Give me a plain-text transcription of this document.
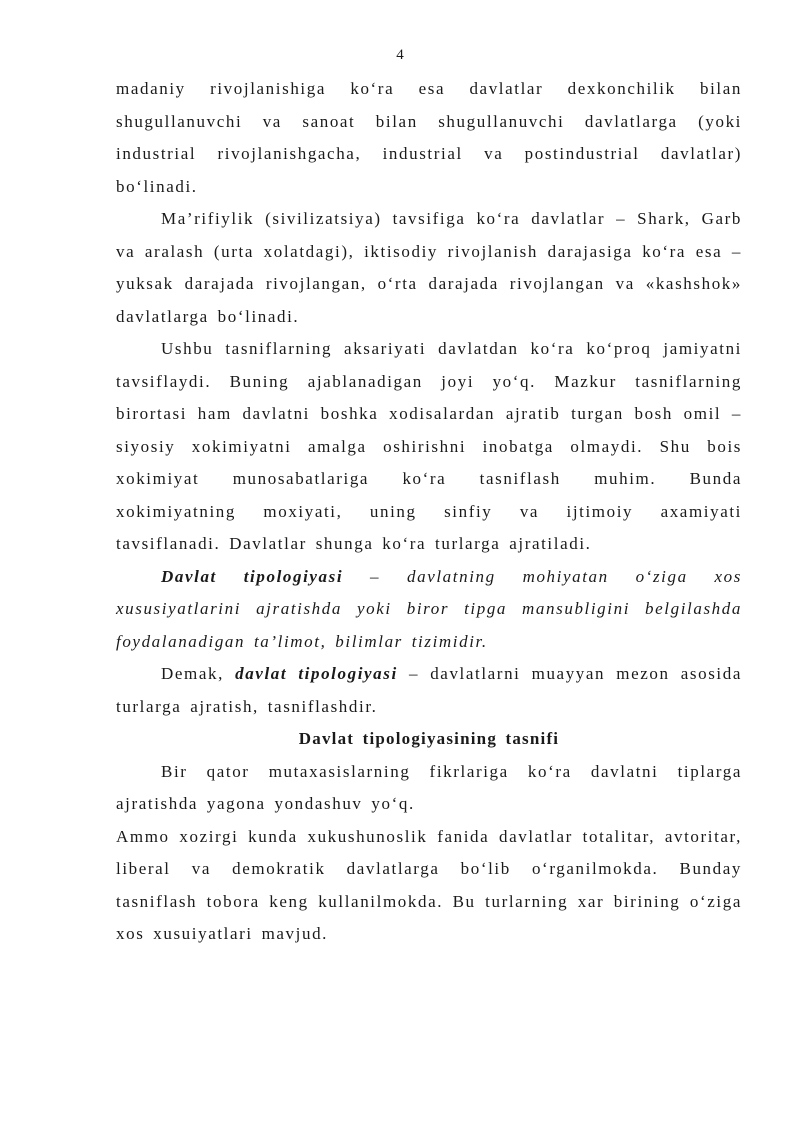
4

madaniy rivojlanishiga ko‘ra esa davlatlar dexkonchilik bilan shugullanuvchi va sanoat bilan shugullanuvchi davlatlarga (yoki industrial rivojlanishgacha, industrial va postindustrial davlatlar) bo‘linadi.

Ma’rifiylik (sivilizatsiya) tavsifiga ko‘ra davlatlar – Shark, Garb va aralash (urta xolatdagi), iktisodiy rivojlanish darajasiga ko‘ra esa – yuksak darajada rivojlangan, o‘rta darajada rivojlangan va «kashshok» davlatlarga bo‘linadi.

Ushbu tasniflarning aksariyati davlatdan ko‘ra ko‘proq jamiyatni tavsiflaydi. Buning ajablanadigan joyi yo‘q. Mazkur tasniflarning birortasi ham davlatni boshka xodisalardan ajratib turgan bosh omil – siyosiy xokimiyatni amalga oshirishni inobatga olmaydi. Shu bois xokimiyat munosabatlariga ko‘ra tasniflash muhim. Bunda xokimiyatning moxiyati, uning sinfiy va ijtimoiy axamiyati tavsiflanadi. Davlatlar shunga ko‘ra turlarga ajratiladi.

Davlat tipologiyasi – davlatning mohiyatan o‘ziga xos xususiyatlarini ajratishda yoki biror tipga mansubligini belgilashda foydalanadigan ta’limot, bilimlar tizimidir.

Demak, davlat tipologiyasi – davlatlarni muayyan mezon asosida turlarga ajratish, tasniflashdir.

Davlat tipologiyasining tasnifi

Bir qator mutaxasislarning fikrlariga ko‘ra davlatni tiplarga ajratishda yagona yondashuv yo‘q.

Ammo xozirgi kunda xukushunoslik fanida davlatlar totalitar, avtoritar, liberal va demokratik davlatlarga bo‘lib o‘rganilmokda. Bunday tasniflash tobora keng kullanilmokda. Bu turlarning xar birining o‘ziga xos xusuiyatlari mavjud.
